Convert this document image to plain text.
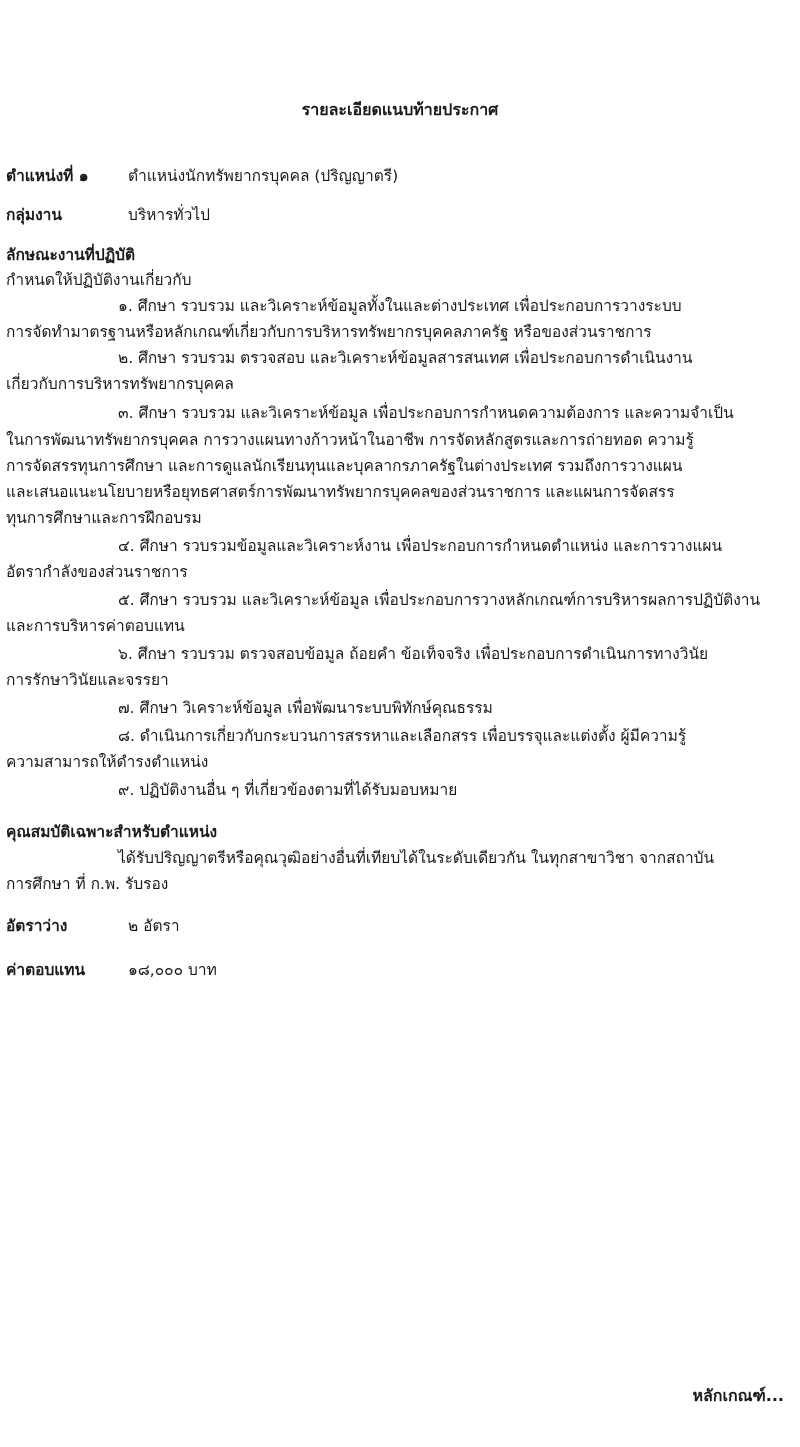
รายละเอียดแนบท้ายประกาศ
ตำแหน่งที่ ๑	ตำแหน่งนักทรัพยากรบุคคล (ปริญญาตรี)
กลุ่มงาน	บริหารทั่วไป
ลักษณะงานที่ปฏิบัติ
กำหนดให้ปฏิบัติงานเกี่ยวกับ
๑. ศึกษา รวบรวม และวิเคราะห์ข้อมูลทั้งในและต่างประเทศ เพื่อประกอบการวางระบบ
การจัดทำมาตรฐานหรือหลักเกณฑ์เกี่ยวกับการบริหารทรัพยากรบุคคลภาครัฐ หรือของส่วนราชการ
๒. ศึกษา รวบรวม ตรวจสอบ และวิเคราะห์ข้อมูลสารสนเทศ เพื่อประกอบการดำเนินงาน
เกี่ยวกับการบริหารทรัพยากรบุคคล
๓. ศึกษา รวบรวม และวิเคราะห์ข้อมูล เพื่อประกอบการกำหนดความต้องการ และความจำเป็น
ในการพัฒนาทรัพยากรบุคคล การวางแผนทางก้าวหน้าในอาชีพ การจัดหลักสูตรและการถ่ายทอด ความรู้
การจัดสรรทุนการศึกษา และการดูแลนักเรียนทุนและบุคลากรภาครัฐในต่างประเทศ รวมถึงการวางแผน
และเสนอแนะนโยบายหรือยุทธศาสตร์การพัฒนาทรัพยากรบุคคลของส่วนราชการ และแผนการจัดสรร
ทุนการศึกษาและการฝึกอบรม
๔. ศึกษา รวบรวมข้อมูลและวิเคราะห์งาน เพื่อประกอบการกำหนดตำแหน่ง และการวางแผน
อัตรากำลังของส่วนราชการ
๕. ศึกษา รวบรวม และวิเคราะห์ข้อมูล เพื่อประกอบการวางหลักเกณฑ์การบริหารผลการปฏิบัติงาน
และการบริหารค่าตอบแทน
๖. ศึกษา รวบรวม ตรวจสอบข้อมูล ถ้อยคำ ข้อเท็จจริง เพื่อประกอบการดำเนินการทางวินัย
การรักษาวินัยและจรรยา
๗. ศึกษา วิเคราะห์ข้อมูล เพื่อพัฒนาระบบพิทักษ์คุณธรรม
๘. ดำเนินการเกี่ยวกับกระบวนการสรรหาและเลือกสรร เพื่อบรรจุและแต่งตั้ง ผู้มีความรู้
ความสามารถให้ดำรงตำแหน่ง
๙. ปฏิบัติงานอื่น ๆ ที่เกี่ยวข้องตามที่ได้รับมอบหมาย
คุณสมบัติเฉพาะสำหรับตำแหน่ง
ได้รับปริญญาตรีหรือคุณวุฒิอย่างอื่นที่เทียบได้ในระดับเดียวกัน ในทุกสาขาวิชา จากสถาบัน
การศึกษา ที่ ก.พ. รับรอง
อัตราว่าง	๒ อัตรา
ค่าตอบแทน	๑๘,๐๐๐ บาท
หลักเกณฑ์...
